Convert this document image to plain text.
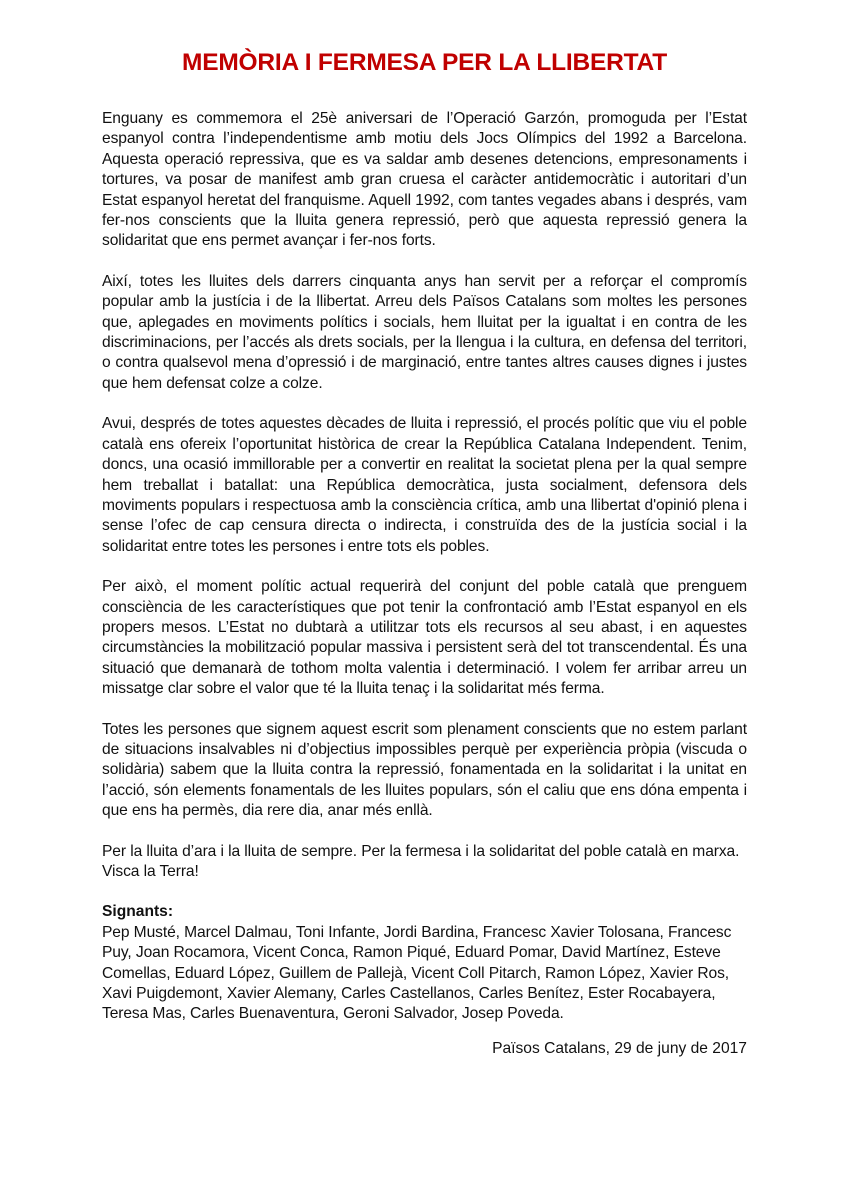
MEMÒRIA I FERMESA PER LA LLIBERTAT

Enguany es commemora el 25è aniversari de l’Operació Garzón, promoguda per l’Estat espanyol contra l’independentisme amb motiu dels Jocs Olímpics del 1992 a Barcelona. Aquesta operació repressiva, que es va saldar amb desenes detencions, empresonaments i tortures, va posar de manifest amb gran cruesa el caràcter antidemocràtic i autoritari d’un Estat espanyol heretat del franquisme. Aquell 1992, com tantes vegades abans i després, vam fer-nos conscients que la lluita genera repressió, però que aquesta repressió genera la solidaritat que ens permet avançar i fer-nos forts.

Així, totes les lluites dels darrers cinquanta anys han servit per a reforçar el compromís popular amb la justícia i de la llibertat. Arreu dels Països Catalans som moltes les persones que, aplegades en moviments polítics i socials, hem lluitat per la igualtat i en contra de les discriminacions, per l’accés als drets socials, per la llengua i la cultura, en defensa del territori, o contra qualsevol mena d’opressió i de marginació, entre tantes altres causes dignes i justes que hem defensat colze a colze.

Avui, després de totes aquestes dècades de lluita i repressió, el procés polític que viu el poble català ens ofereix l’oportunitat històrica de crear la República Catalana Independent. Tenim, doncs, una ocasió immillorable per a convertir en realitat la societat plena per la qual sempre hem treballat i batallat: una República democràtica, justa socialment, defensora dels moviments populars i respectuosa amb la consciència crítica, amb una llibertat d'opinió plena i sense l’ofec de cap censura directa o indirecta, i construïda des de la justícia social i la solidaritat entre totes les persones i entre tots els pobles.

Per això, el moment polític actual requerirà del conjunt del poble català que prenguem consciència de les característiques que pot tenir la confrontació amb l’Estat espanyol en els propers mesos. L’Estat no dubtarà a utilitzar tots els recursos al seu abast, i en aquestes circumstàncies la mobilització popular massiva i persistent serà del tot transcendental. És una situació que demanarà de tothom molta valentia i determinació. I volem fer arribar arreu un missatge clar sobre el valor que té la lluita tenaç i la solidaritat més ferma.

Totes les persones que signem aquest escrit som plenament conscients que no estem parlant de situacions insalvables ni d’objectius impossibles perquè per experiència pròpia (viscuda o solidària) sabem que la lluita contra la repressió, fonamentada en la solidaritat i la unitat en l’acció, són elements fonamentals de les lluites populars, són el caliu que ens dóna empenta i que ens ha permès, dia rere dia, anar més enllà.

Per la lluita d’ara i la lluita de sempre. Per la fermesa i la solidaritat del poble català en marxa. Visca la Terra!

Signants:

Pep Musté, Marcel Dalmau, Toni Infante, Jordi Bardina, Francesc Xavier Tolosana, Francesc Puy, Joan Rocamora, Vicent Conca, Ramon Piqué, Eduard Pomar, David Martínez, Esteve Comellas, Eduard López, Guillem de Pallejà, Vicent Coll Pitarch, Ramon López, Xavier Ros, Xavi Puigdemont, Xavier Alemany, Carles Castellanos, Carles Benítez, Ester Rocabayera, Teresa Mas, Carles Buenaventura, Geroni Salvador, Josep Poveda.

Països Catalans, 29 de juny de 2017
